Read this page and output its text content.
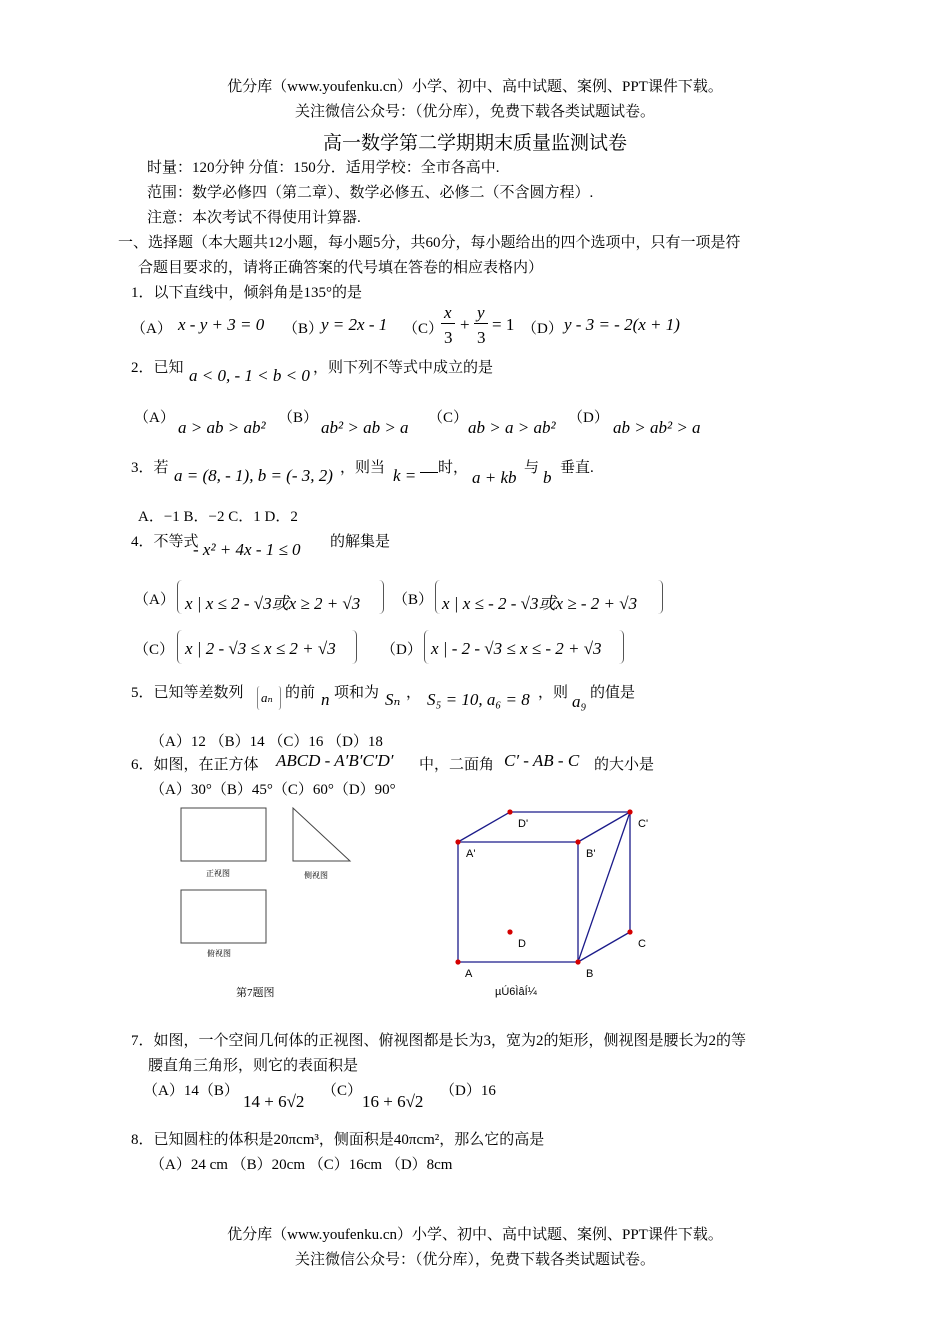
优分库（www.youfenku.cn）小学、初中、高中试题、案例、PPT课件下载。
关注微信公众号：（优分库），免费下载各类试题试卷。
高一数学第二学期期末质量监测试卷
时量：120分钟 分值：150分．适用学校：全市各高中.
范围：数学必修四（第二章）、数学必修五、必修二（不含圆方程）.
注意：本次考试不得使用计算器.
一、选择题（本大题共12小题，每小题5分，共60分，每小题给出的四个选项中，只有一项是符
合题目要求的，请将正确答案的代号填在答卷的相应表格内）
1．以下直线中，倾斜角是135°的是
（A） x - y + 3 = 0 （B）
y = 2x - 1 （C）
x
3
+
y
3
= 1 （D） y - 3 = - 2(x + 1)
2．已知 a < 0, - 1 < b < 0 ，则下列不等式中成立的是
（A） a > ab > ab² （B） ab² > ab > a （C） ab > a > ab² （D） ab > ab² > a
3．若 a = (8, - 1), b = (- 3, 2) ，则当 k = 时， a + kb 与 b 垂直.
A．−1 B．−2 C．1 D．2
4．不等式
- x² + 4x - 1 ≤ 0 的解集是
（A） x | x ≤ 2 - √3或x ≥ 2 + √3 （B） x | x ≤ - 2 - √3或x ≥ - 2 + √3
（C） x | 2 - √3 ≤ x ≤ 2 + √3	（D） x | - 2 - √3 ≤ x ≤ - 2 + √3
5．已知等差数列 aₙ 的前 n 项和为 Sₙ ， S₅ = 10, a₆ = 8 ，则 a₉ 的值是
（A）12 （B）14 （C）16 （D）18
6．如图，在正方体 ABCD - A′B′C′D′ 中，二面角 C′ - AB - C 的大小是
（A）30°（B）45°（C）60°（D）90°
正视图	侧视图
俯视图
第7题图
A'	B'
D'	C'
D	C
A	B
µÚ6ÌâÍ¼
7．如图，一个空间几何体的正视图、俯视图都是长为3，宽为2的矩形，侧视图是腰长为2的等
腰直角三角形，则它的表面积是
（A）14（B）
14 + 6√2
（C）
16 + 6√2
（D）16
8．已知圆柱的体积是20πcm³，侧面积是40πcm²，那么它的高是
（A）24 cm （B）20cm （C）16cm （D）8cm
优分库（www.youfenku.cn）小学、初中、高中试题、案例、PPT课件下载。
关注微信公众号：（优分库），免费下载各类试题试卷。
